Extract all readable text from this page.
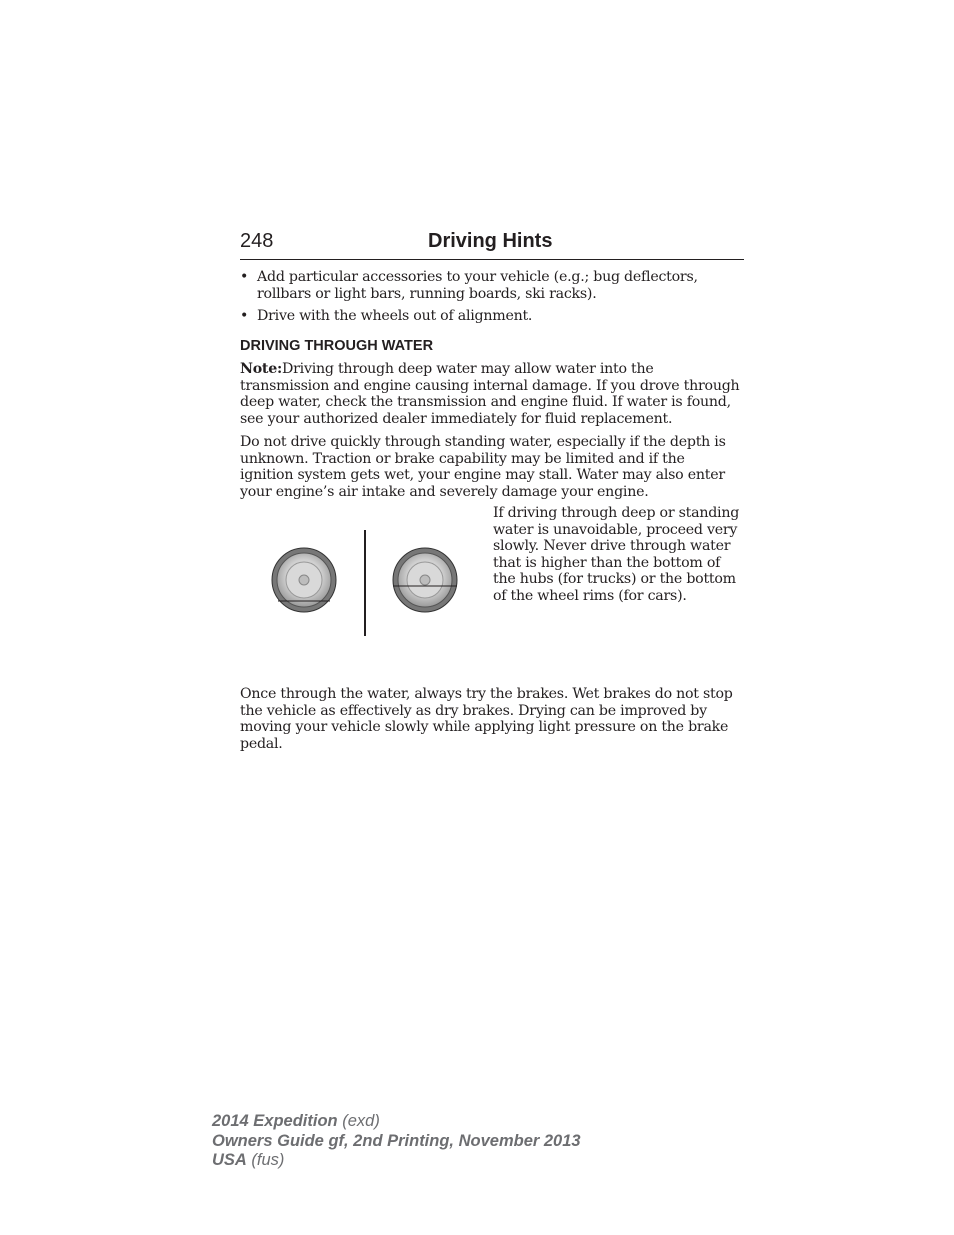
248	Driving Hints
• Add particular accessories to your vehicle (e.g.; bug deflectors, rollbars or light bars, running boards, ski racks).
• Drive with the wheels out of alignment.
DRIVING THROUGH WATER

Note:Driving through deep water may allow water into the transmission and engine causing internal damage. If you drove through deep water, check the transmission and engine fluid. If water is found, see your authorized dealer immediately for fluid replacement.

Do not drive quickly through standing water, especially if the depth is unknown. Traction or brake capability may be limited and if the ignition system gets wet, your engine may stall. Water may also enter your engine’s air intake and severely damage your engine.

If driving through deep or standing water is unavoidable, proceed very slowly. Never drive through water that is higher than the bottom of the hubs (for trucks) or the bottom of the wheel rims (for cars).

Once through the water, always try the brakes. Wet brakes do not stop the vehicle as effectively as dry brakes. Drying can be improved by moving your vehicle slowly while applying light pressure on the brake pedal.

2014 Expedition (exd)
Owners Guide gf, 2nd Printing, November 2013
USA (fus)
